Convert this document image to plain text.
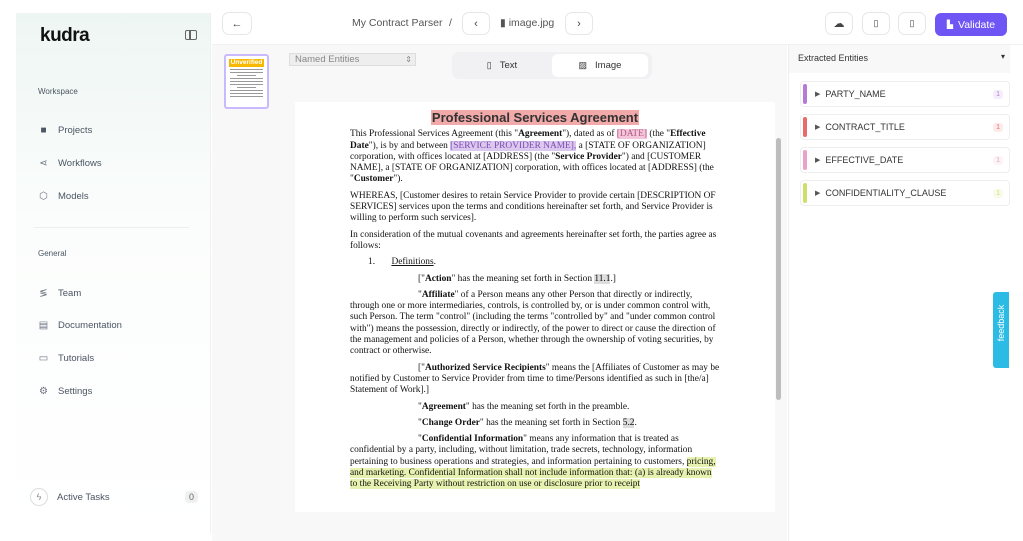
kudra
Workspace
■ Projects
⋖ Workflows
⬡ Models
General
≶ Team
▤ Documentation
▭ Tutorials
⚙ Settings
ϟ	Active Tasks	0
←	My Contract Parser / ‹ ▮ image.jpg ›	☁	▯	▯	▙ Validate
Unverified	Named Entities ⇕	▯ Text	▨ Image
Professional Services Agreement

This Professional Services Agreement (this "Agreement"), dated as of [DATE] (the "Effective Date"), is by and between [SERVICE PROVIDER NAME], a [STATE OF ORGANIZATION] corporation, with offices located at [ADDRESS] (the "Service Provider") and [CUSTOMER NAME], a [STATE OF ORGANIZATION] corporation, with offices located at [ADDRESS] (the "Customer").

WHEREAS, [Customer desires to retain Service Provider to provide certain [DESCRIPTION OF SERVICES] services upon the terms and conditions hereinafter set forth, and Service Provider is willing to perform such services].

In consideration of the mutual covenants and agreements hereinafter set forth, the parties agree as follows:

1.       Definitions.

["Action" has the meaning set forth in Section 11.1.]

"Affiliate" of a Person means any other Person that directly or indirectly, through one or more intermediaries, controls, is controlled by, or is under common control with, such Person. The term "control" (including the terms "controlled by" and "under common control with") means the possession, directly or indirectly, of the power to direct or cause the direction of the management and policies of a Person, whether through the ownership of voting securities, by contract or otherwise.

["Authorized Service Recipients" means the [Affiliates of Customer as may be notified by Customer to Service Provider from time to time/Persons identified as such in [the/a] Statement of Work].]

"Agreement" has the meaning set forth in the preamble.

"Change Order" has the meaning set forth in Section 5.2.

"Confidential Information" means any information that is treated as confidential by a party, including, without limitation, trade secrets, technology, information pertaining to business operations and strategies, and information pertaining to customers, pricing, and marketing. Confidential Information shall not include information that: (a) is already known to the Receiving Party without restriction on use or disclosure prior to receipt

Extracted Entities ▾
▶ PARTY_NAME	1
▶ CONTRACT_TITLE	1
▶ EFFECTIVE_DATE	1
▶ CONFIDENTIALITY_CLAUSE	1
feedback
